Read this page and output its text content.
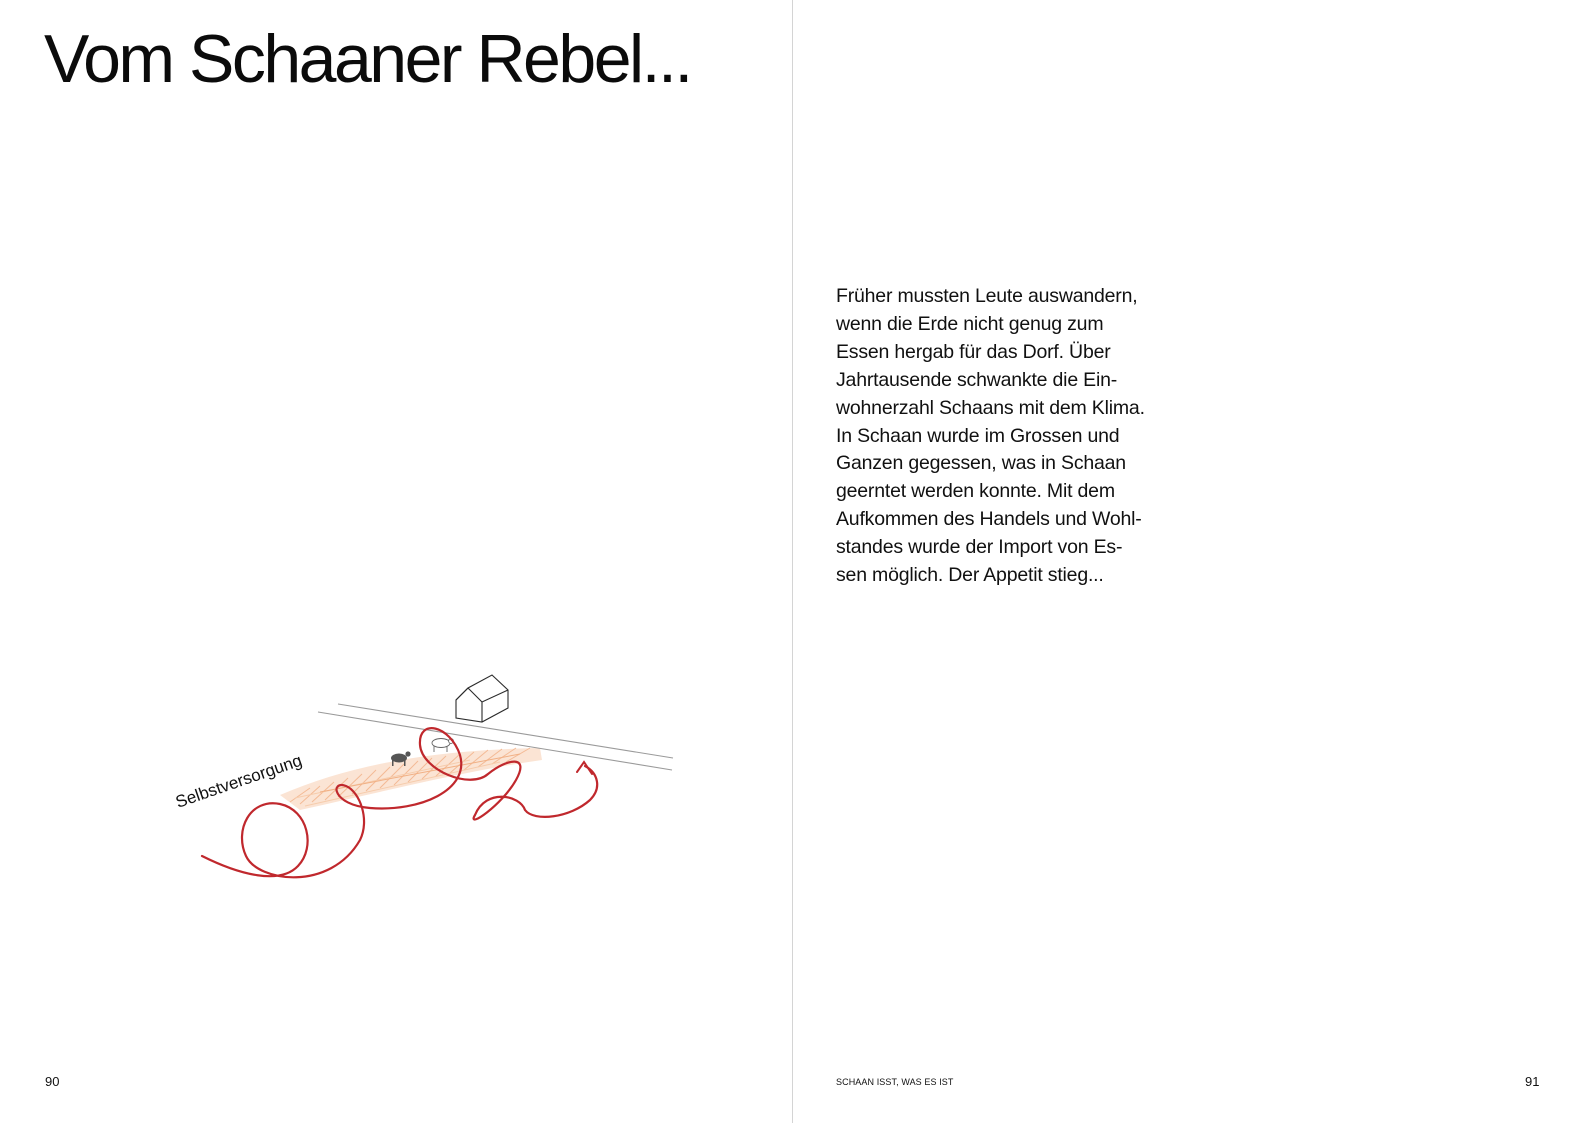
Vom Schaaner Rebel...
Selbstversorgung
90
Früher mussten Leute auswandern,
wenn die Erde nicht genug zum
Essen hergab für das Dorf. Über
Jahrtausende schwankte die Ein-
wohnerzahl Schaans mit dem Klima.
In Schaan wurde im Grossen und
Ganzen gegessen, was in Schaan
geerntet werden konnte. Mit dem
Aufkommen des Handels und Wohl-
standes wurde der Import von Es-
sen möglich. Der Appetit stieg...
SCHAAN ISST, WAS ES IST	91
